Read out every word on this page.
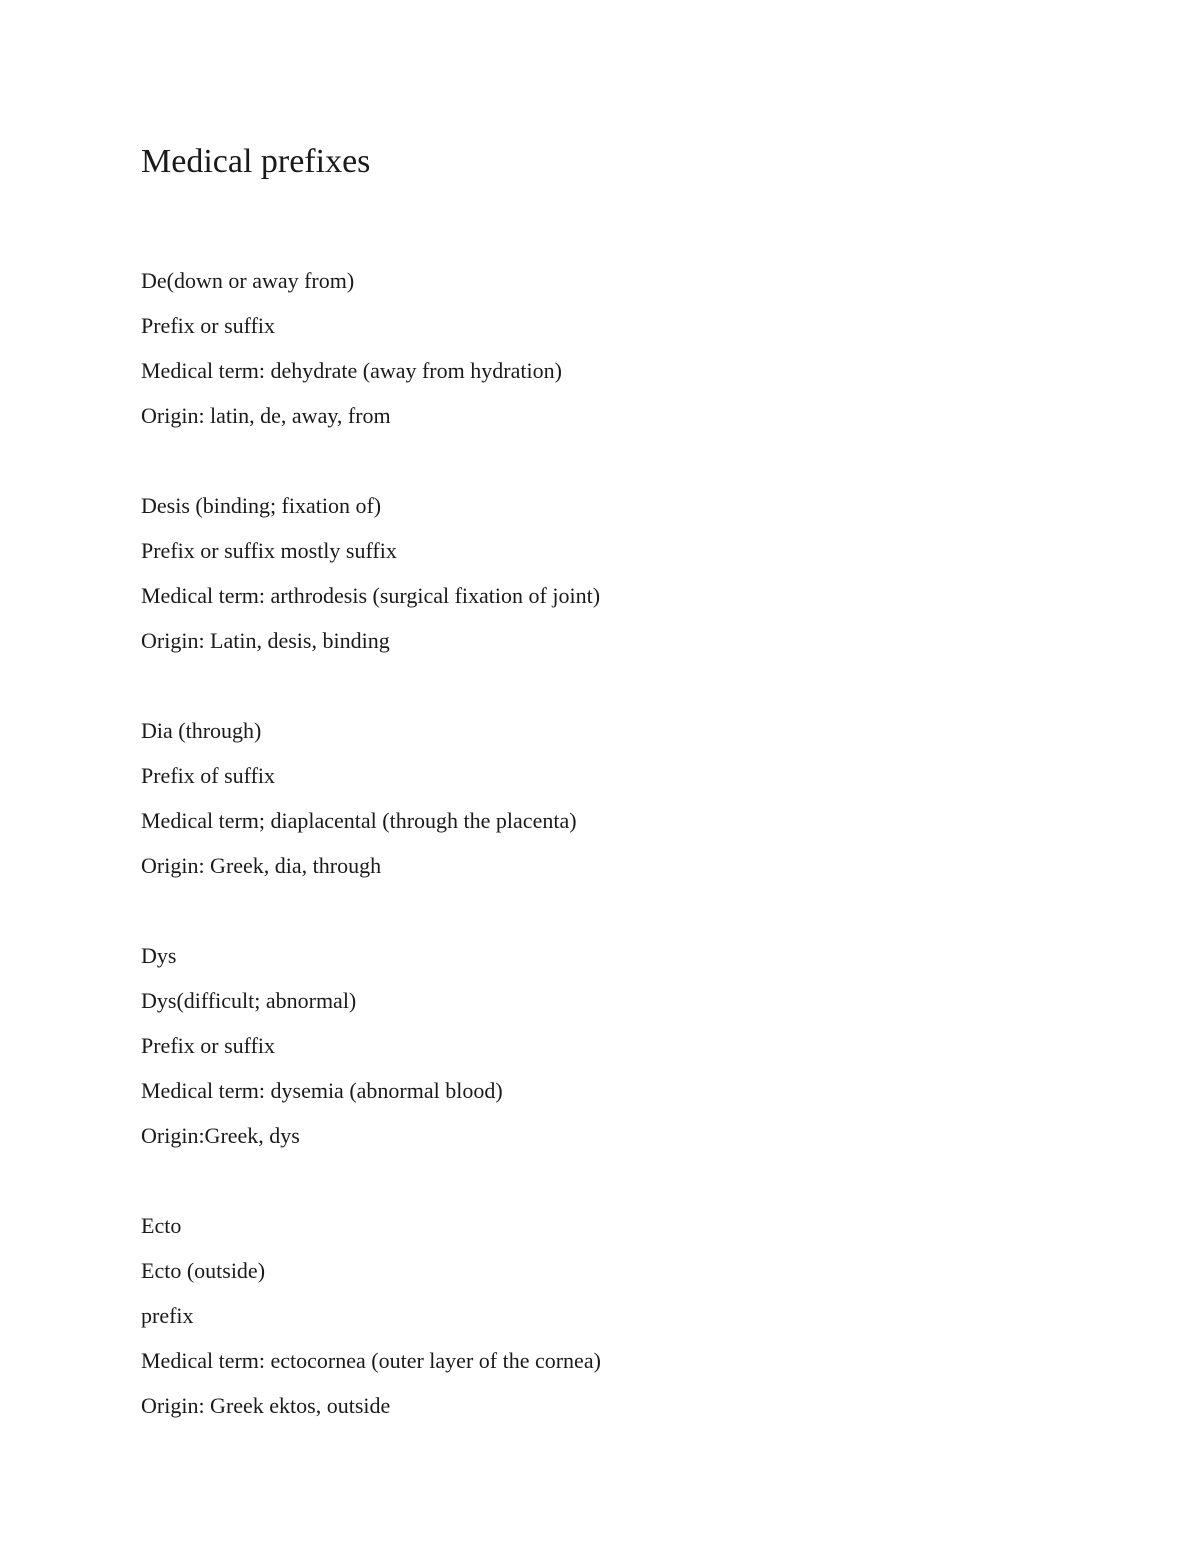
Medical prefixes
De(down or away from)
Prefix or suffix
Medical term: dehydrate (away from hydration)
Origin: latin, de, away, from
Desis (binding; fixation of)
Prefix or suffix mostly suffix
Medical term: arthrodesis (surgical fixation of joint)
Origin: Latin, desis, binding
Dia (through)
Prefix of suffix
Medical term; diaplacental (through the placenta)
Origin: Greek, dia, through
Dys
Dys(difficult; abnormal)
Prefix or suffix
Medical term: dysemia (abnormal blood)
Origin:Greek, dys
Ecto
Ecto (outside)
prefix
Medical term: ectocornea (outer layer of the cornea)
Origin: Greek ektos, outside
